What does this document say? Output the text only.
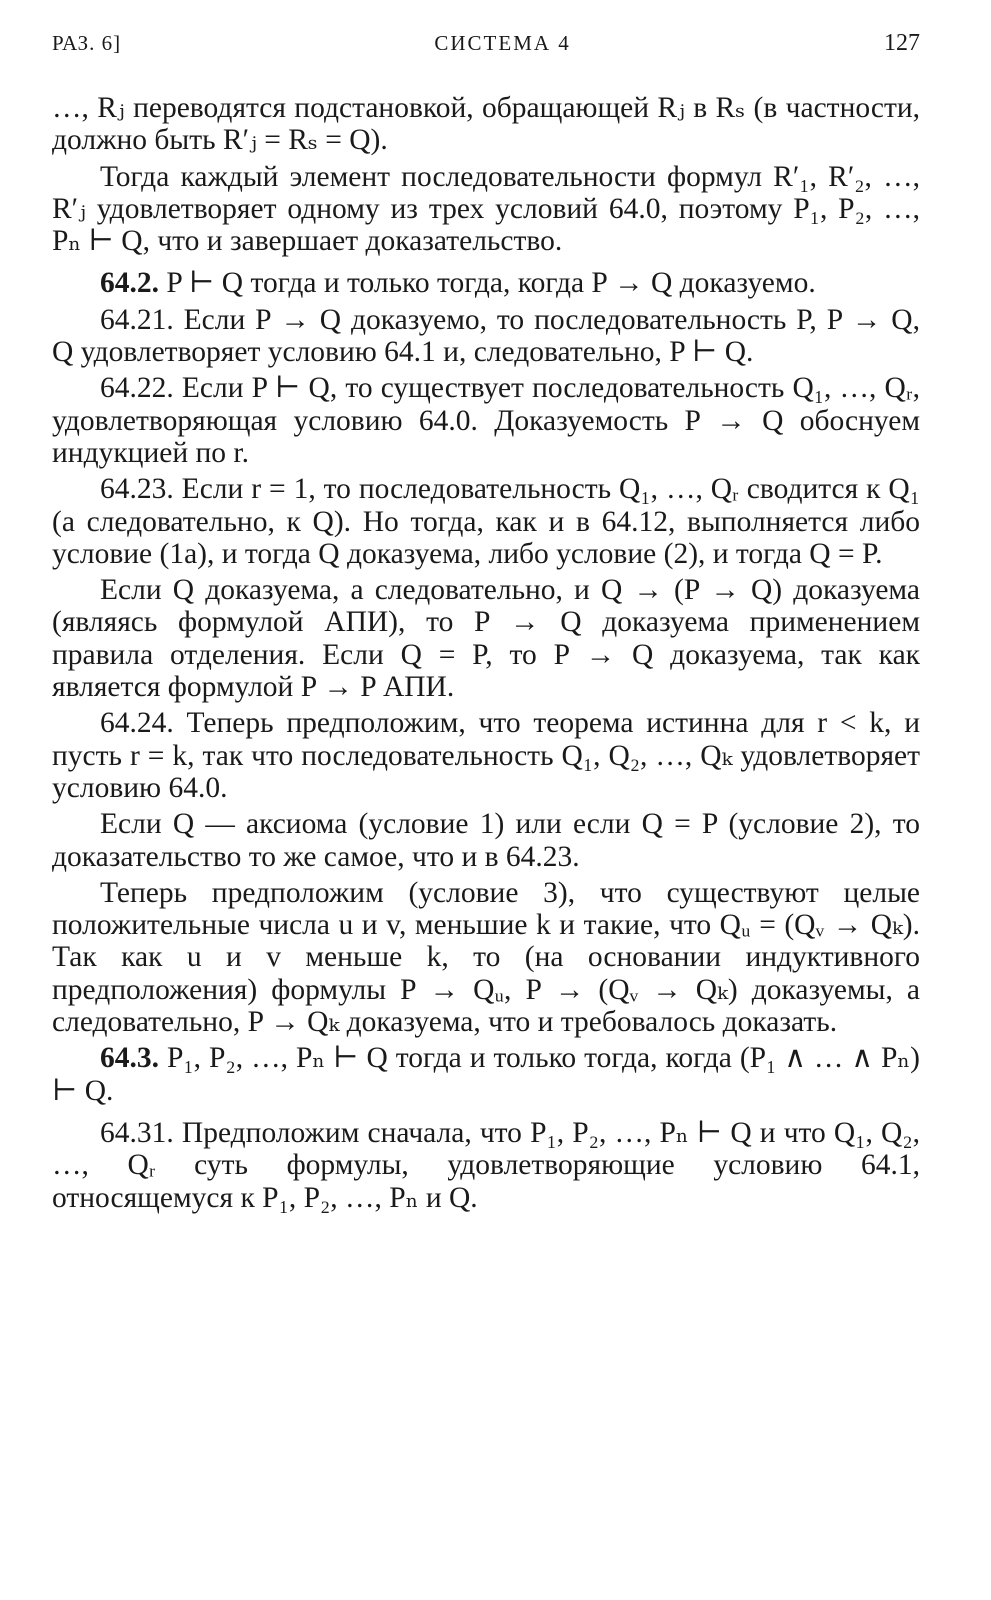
РАЗ. 6]	СИСТЕМА 4	127

…, Rⱼ переводятся подстановкой, обращающей Rⱼ в Rₛ (в частности, должно быть R′ⱼ = Rₛ = Q).

Тогда каждый элемент последовательности формул R′₁, R′₂, …, R′ⱼ удовлетворяет одному из трех условий 64.0, поэтому P₁, P₂, …, Pₙ ⊢ Q, что и завершает доказательство.

64.2. P ⊢ Q тогда и только тогда, когда P → Q доказуемо.

64.21. Если P → Q доказуемо, то последовательность P, P → Q, Q удовлетворяет условию 64.1 и, следовательно, P ⊢ Q.

64.22. Если P ⊢ Q, то существует последовательность Q₁, …, Qᵣ, удовлетворяющая условию 64.0. Доказуемость P → Q обоснуем индукцией по r.

64.23. Если r = 1, то последовательность Q₁, …, Qᵣ сводится к Q₁ (а следовательно, к Q). Но тогда, как и в 64.12, выполняется либо условие (1а), и тогда Q доказуема, либо условие (2), и тогда Q = P.

Если Q доказуема, а следовательно, и Q → (P → Q) доказуема (являясь формулой АПИ), то P → Q доказуема применением правила отделения. Если Q = P, то P → Q доказуема, так как является формулой P → P АПИ.

64.24. Теперь предположим, что теорема истинна для r < k, и пусть r = k, так что последовательность Q₁, Q₂, …, Qₖ удовлетворяет условию 64.0.

Если Q — аксиома (условие 1) или если Q = P (условие 2), то доказательство то же самое, что и в 64.23.

Теперь предположим (условие 3), что существуют целые положительные числа u и v, меньшие k и такие, что Qᵤ = (Qᵥ → Qₖ). Так как u и v меньше k, то (на основании индуктивного предположения) формулы P → Qᵤ, P → (Qᵥ → Qₖ) доказуемы, а следовательно, P → Qₖ доказуема, что и требовалось доказать.

64.3. P₁, P₂, …, Pₙ ⊢ Q тогда и только тогда, когда (P₁ ∧ … ∧ Pₙ) ⊢ Q.

64.31. Предположим сначала, что P₁, P₂, …, Pₙ ⊢ Q и что Q₁, Q₂, …, Qᵣ суть формулы, удовлетворяющие условию 64.1, относящемуся к P₁, P₂, …, Pₙ и Q.
